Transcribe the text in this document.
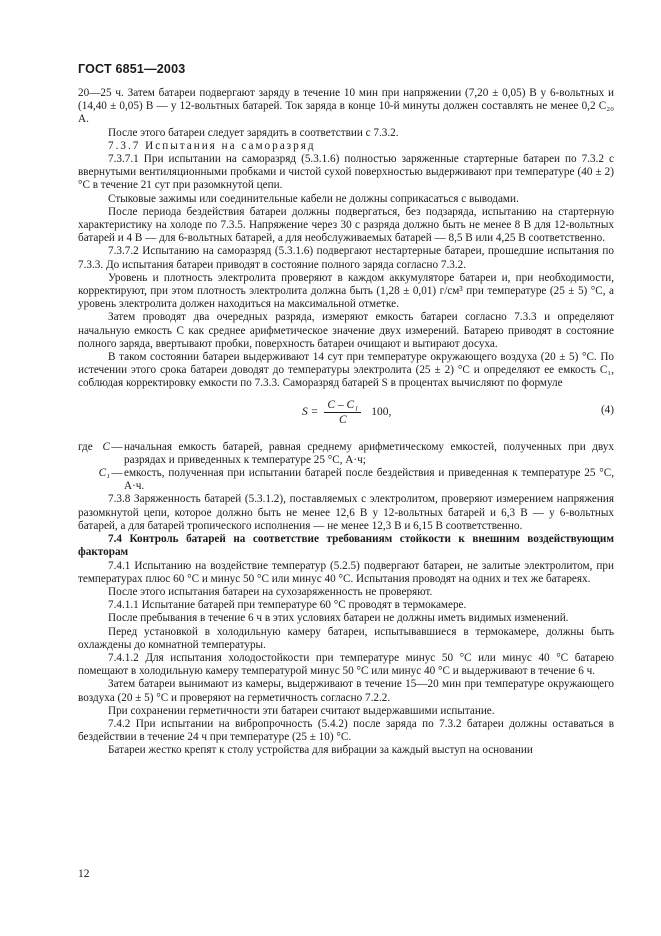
ГОСТ 6851—2003

20—25 ч. Затем батареи подвергают заряду в течение 10 мин при напряжении (7,20 ± 0,05) В у 6-вольтных и (14,40 ± 0,05) В — у 12-вольтных батарей. Ток заряда в конце 10-й минуты должен составлять не менее 0,2 C₂₀ А.

После этого батареи следует зарядить в соответствии с 7.3.2.

7.3.7 Испытания на саморазряд

7.3.7.1 При испытании на саморазряд (5.3.1.6) полностью заряженные стартерные батареи по 7.3.2 с ввернутыми вентиляционными пробками и чистой сухой поверхностью выдерживают при температуре (40 ± 2) °С в течение 21 сут при разомкнутой цепи.

Стыковые зажимы или соединительные кабели не должны соприкасаться с выводами.

После периода бездействия батареи должны подвергаться, без подзаряда, испытанию на стартерную характеристику на холоде по 7.3.5. Напряжение через 30 с разряда должно быть не менее 8 В для 12-вольтных батарей и 4 В — для 6-вольтных батарей, а для необслуживаемых батарей — 8,5 В или 4,25 В соответственно.

7.3.7.2 Испытанию на саморазряд (5.3.1.6) подвергают нестартерные батареи, прошедшие испытания по 7.3.3. До испытания батареи приводят в состояние полного заряда согласно 7.3.2.

Уровень и плотность электролита проверяют в каждом аккумуляторе батареи и, при необходимости, корректируют, при этом плотность электролита должна быть (1,28 ± 0,01) г/см³ при температуре (25 ± 5) °С, а уровень электролита должен находиться на максимальной отметке.

Затем проводят два очередных разряда, измеряют емкость батареи согласно 7.3.3 и определяют начальную емкость C как среднее арифметическое значение двух измерений. Батарею приводят в состояние полного заряда, ввертывают пробки, поверхность батареи очищают и вытирают досуха.

В таком состоянии батареи выдерживают 14 сут при температуре окружающего воздуха (20 ± 5) °С. По истечении этого срока батареи доводят до температуры электролита (25 ± 2) °С и определяют ее емкость C₁, соблюдая корректировку емкости по 7.3.3. Саморазряд батарей S в процентах вычисляют по формуле

$S = \frac{\text{C – C₁}}{C} 100$,	(4)
где C — начальная емкость батарей, равная среднему арифметическому емкостей, полученных при двух разрядах и приведенных к температуре 25 °С, А·ч;
C₁ — емкость, полученная при испытании батарей после бездействия и приведенная к температуре 25 °С, А·ч.

7.3.8 Заряженность батарей (5.3.1.2), поставляемых с электролитом, проверяют измерением напряжения разомкнутой цепи, которое должно быть не менее 12,6 В у 12-вольтных батарей и 6,3 В — у 6-вольтных батарей, а для батарей тропического исполнения — не менее 12,3 В и 6,15 В соответственно.

7.4 Контроль батарей на соответствие требованиям стойкости к внешним воздействующим факторам

7.4.1 Испытанию на воздействие температур (5.2.5) подвергают батареи, не залитые электролитом, при температурах плюс 60 °С и минус 50 °С или минус 40 °С. Испытания проводят на одних и тех же батареях.

После этого испытания батареи на сухозаряженность не проверяют.

7.4.1.1 Испытание батарей при температуре 60 °С проводят в термокамере.

После пребывания в течение 6 ч в этих условиях батареи не должны иметь видимых изменений.

Перед установкой в холодильную камеру батареи, испытывавшиеся в термокамере, должны быть охлаждены до комнатной температуры.

7.4.1.2 Для испытания холодостойкости при температуре минус 50 °С или минус 40 °С батарею помещают в холодильную камеру температурой минус 50 °С или минус 40 °С и выдерживают в течение 6 ч.

Затем батареи вынимают из камеры, выдерживают в течение 15—20 мин при температуре окружающего воздуха (20 ± 5) °С и проверяют на герметичность согласно 7.2.2.

При сохранении герметичности эти батареи считают выдержавшими испытание.

7.4.2 При испытании на вибропрочность (5.4.2) после заряда по 7.3.2 батареи должны оставаться в бездействии в течение 24 ч при температуре (25 ± 10) °С.

Батареи жестко крепят к столу устройства для вибрации за каждый выступ на основании

12
